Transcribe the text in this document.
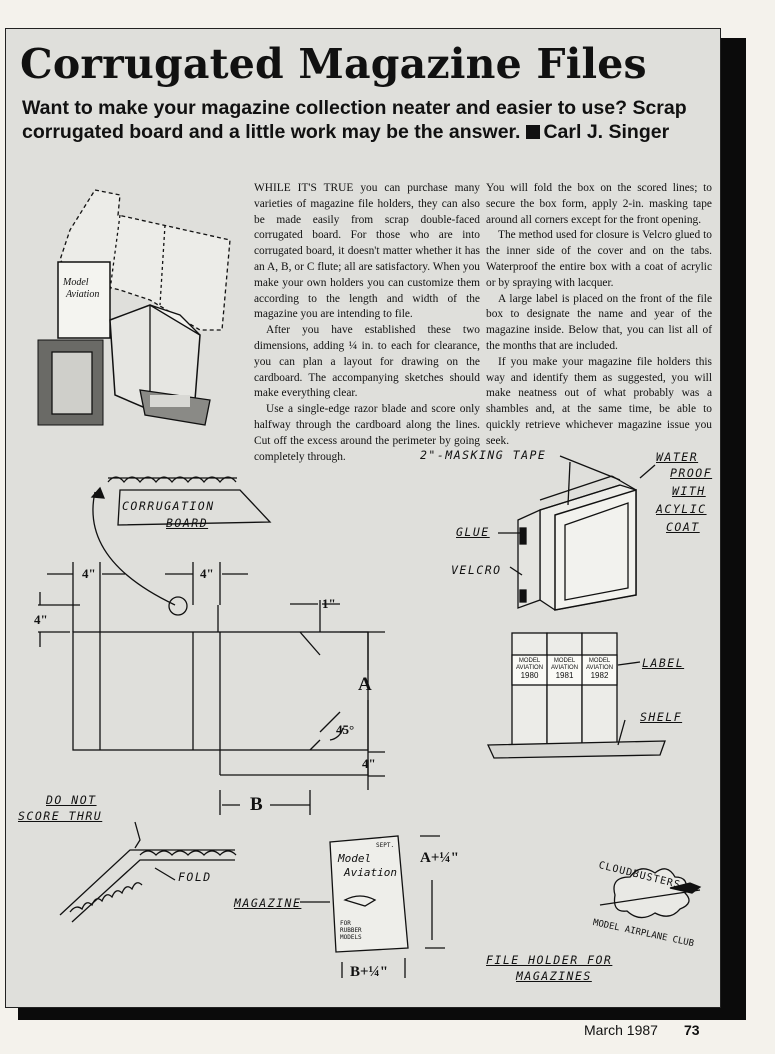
Corrugated Magazine Files
Want to make your magazine collection neater and easier to use? Scrap corrugated board and a little work may be the answer. Carl J. Singer

WHILE IT'S TRUE you can purchase many varieties of magazine file holders, they can also be made easily from scrap double-faced corrugated board. For those who are into corrugated board, it doesn't matter whether it has an A, B, or C flute; all are satisfactory. When you make your own holders you can customize them according to the length and width of the magazine you are intending to file.

After you have established these two dimensions, adding ¼ in. to each for clearance, you can plan a layout for drawing on the cardboard. The accompanying sketches should make everything clear.

Use a single-edge razor blade and score only halfway through the cardboard along the lines. Cut off the excess around the perimeter by going completely through.

You will fold the box on the scored lines; to secure the box form, apply 2-in. masking tape around all corners except for the front opening.

The method used for closure is Velcro glued to the inner side of the cover and on the tabs. Waterproof the entire box with a coat of acrylic or by spraying with lacquer.

A large label is placed on the front of the file box to designate the name and year of the magazine inside. Below that, you can list all of the months that are included.

If you make your magazine file holders this way and identify them as suggested, you will make neatness out of what probably was a shambles and, at the same time, be able to quickly retrieve whichever magazine issue you seek.

Model
Aviation
2"-MASKING TAPE	WATER
PROOF
WITH
ACYLIC
COAT
GLUE
VELCRO
CORRUGATION
BOARD
LABEL
SHELF
DO NOT
SCORE THRU
FOLD
MAGAZINE
FILE HOLDER FOR
MAGAZINES
4"	4"
4"
1"
A
45°
4"
B
A+¼"
B+¼"
MODEL AVIATION
1980
MODEL AVIATION
1981
MODEL AVIATION
1982
Model
Aviation
SEPT.
FOR
RUBBER
MODELS
CLOUDBUSTERS
MODEL AIRPLANE CLUB
March 1987 73
